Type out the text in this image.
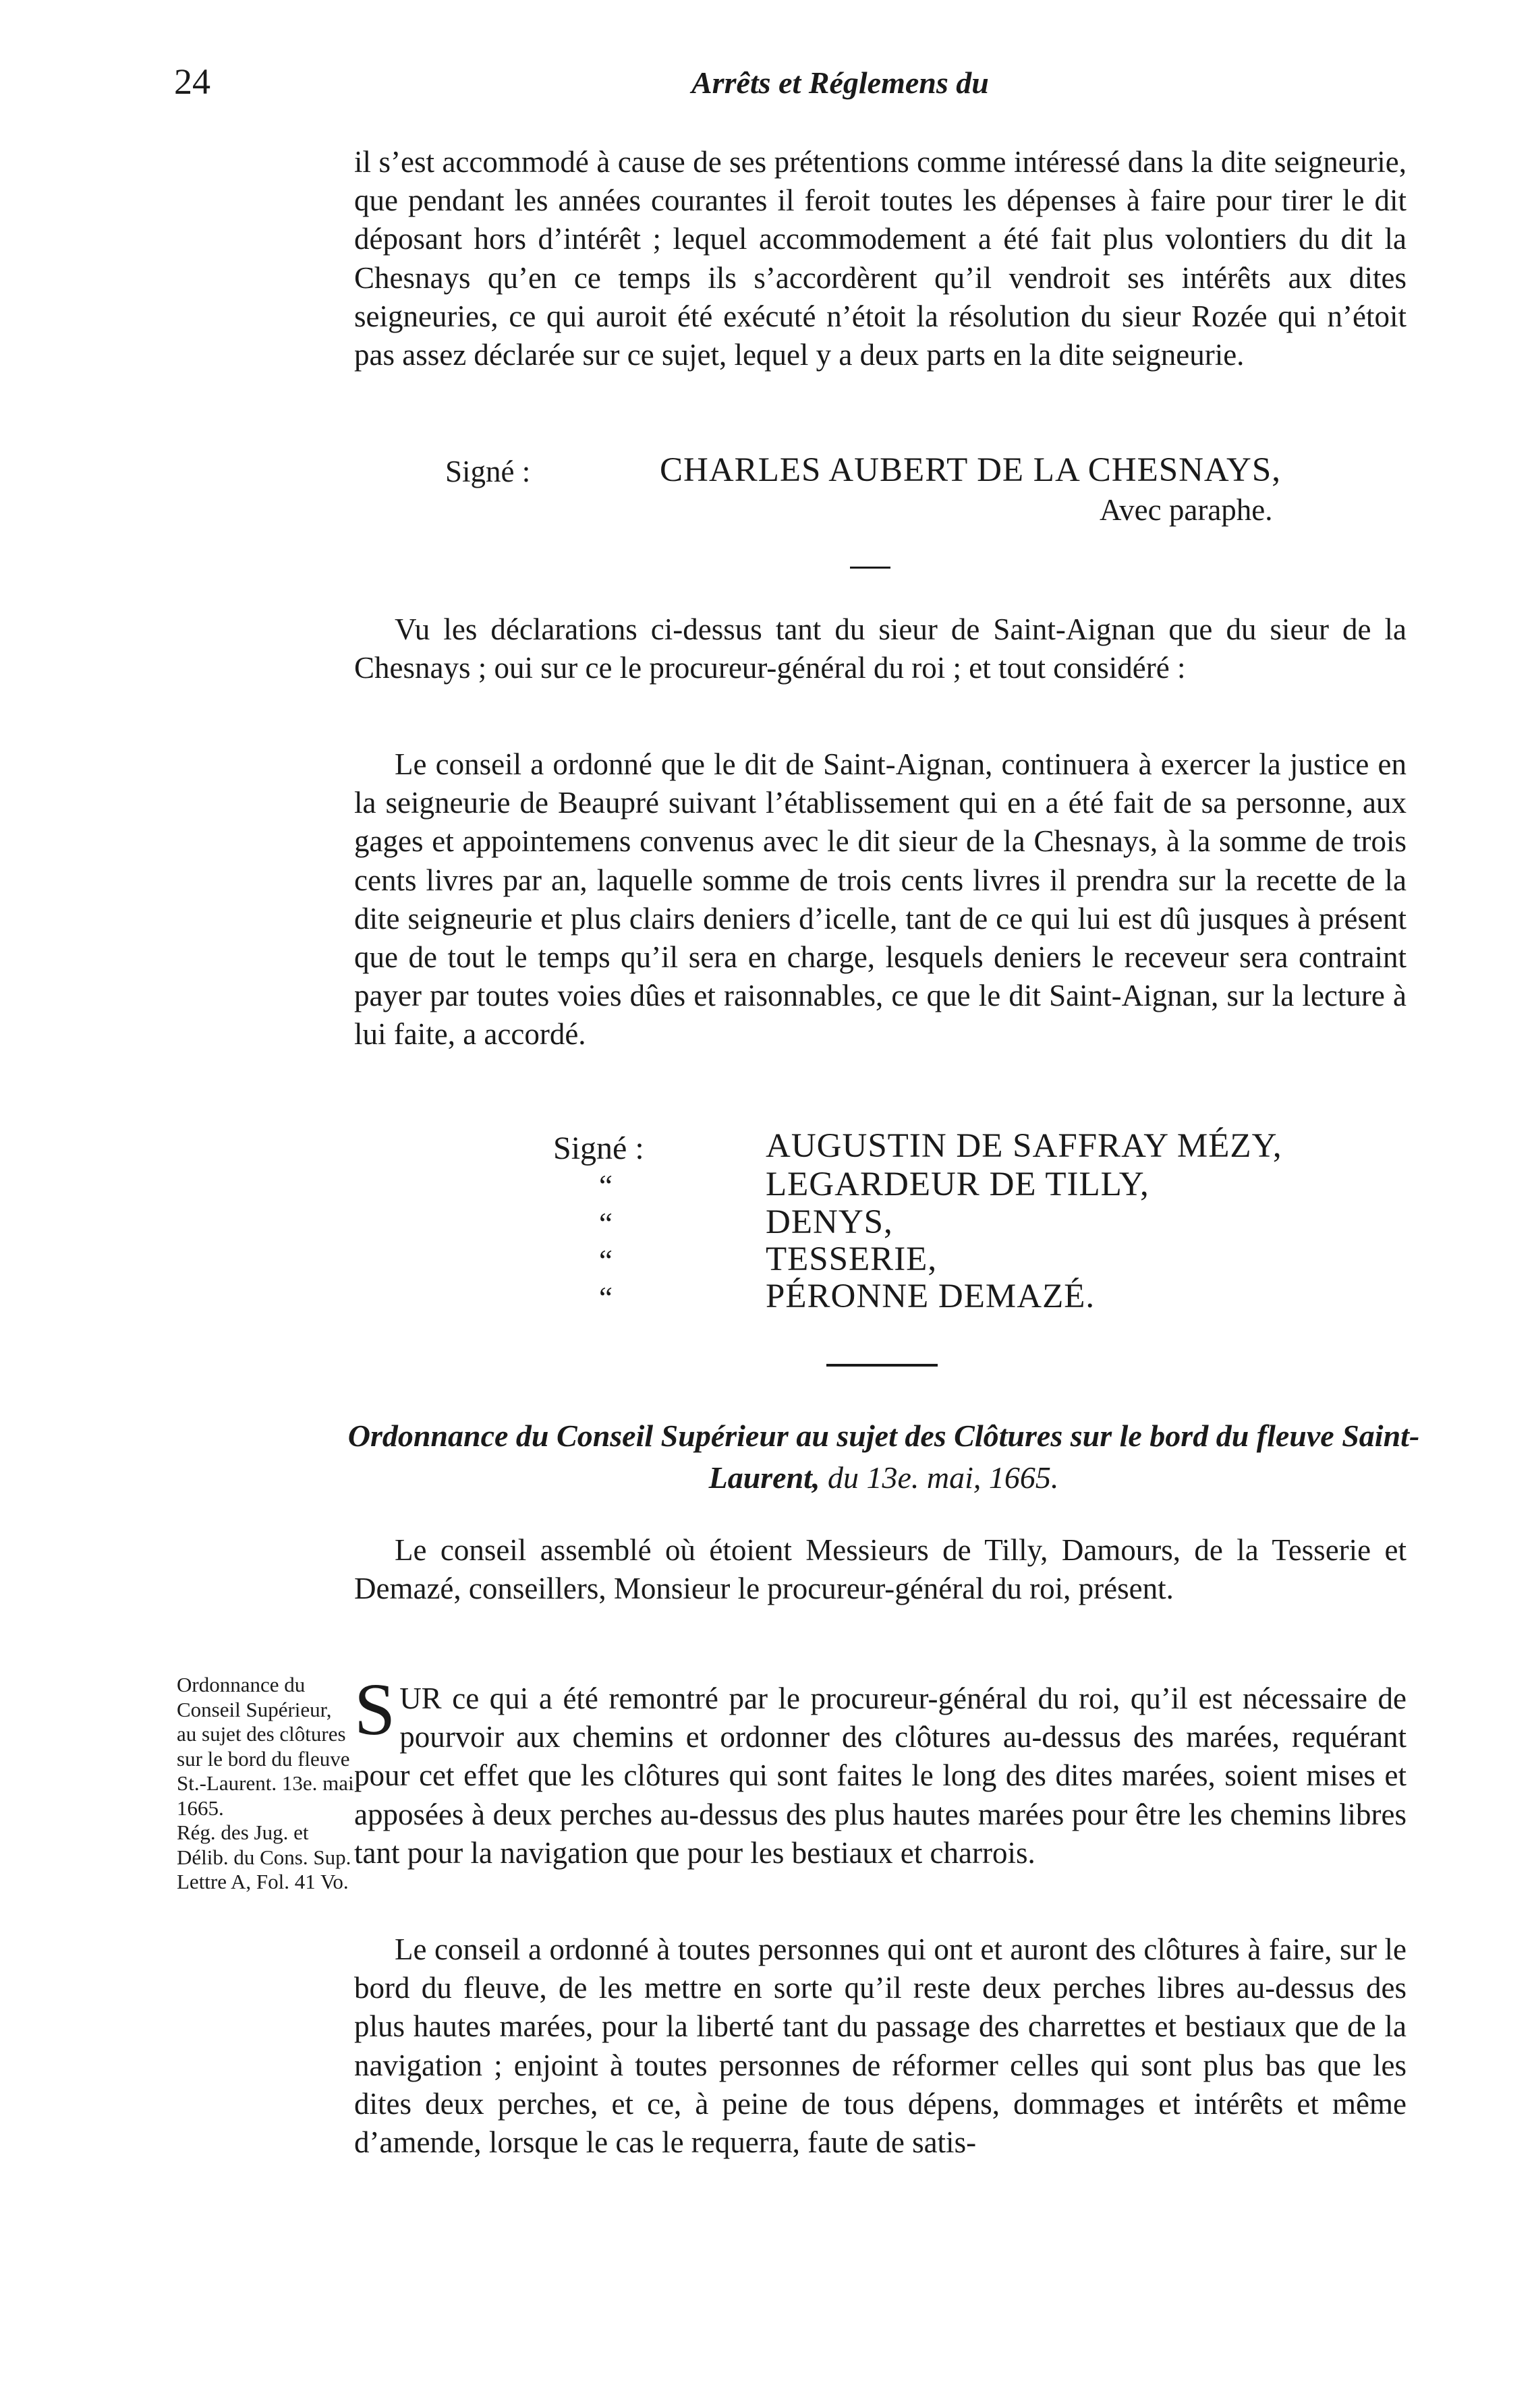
24	Arrêts et Réglemens du

il s’est accommodé à cause de ses prétentions comme intéressé dans la dite seigneurie, que pendant les années courantes il feroit toutes les dépenses à faire pour tirer le dit déposant hors d’intérêt ; lequel accommodement a été fait plus volontiers du dit la Chesnays qu’en ce temps ils s’accordèrent qu’il vendroit ses intérêts aux dites seigneuries, ce qui auroit été exécuté n’étoit la résolution du sieur Rozée qui n’étoit pas assez déclarée sur ce sujet, lequel y a deux parts en la dite seigneurie.

Signé :	CHARLES AUBERT DE LA CHESNAYS,
Avec paraphe.

Vu les déclarations ci-dessus tant du sieur de Saint-Aignan que du sieur de la Chesnays ; oui sur ce le procureur-général du roi ; et tout considéré :

Le conseil a ordonné que le dit de Saint-Aignan, continuera à exercer la justice en la seigneurie de Beaupré suivant l’établissement qui en a été fait de sa personne, aux gages et appointemens convenus avec le dit sieur de la Chesnays, à la somme de trois cents livres par an, laquelle somme de trois cents livres il prendra sur la recette de la dite seigneurie et plus clairs deniers d’icelle, tant de ce qui lui est dû jusques à présent que de tout le temps qu’il sera en charge, lesquels deniers le receveur sera contraint payer par toutes voies dûes et raisonnables, ce que le dit Saint-Aignan, sur la lecture à lui faite, a accordé.

Signé :
“
“
“
“
AUGUSTIN DE SAFFRAY MÉZY,
LEGARDEUR DE TILLY,
DENYS,
TESSERIE,
PÉRONNE DEMAZÉ.
Ordonnance du Conseil Supérieur au sujet des Clôtures sur le bord du fleuve Saint-Laurent, du 13e. mai, 1665.

Le conseil assemblé où étoient Messieurs de Tilly, Damours, de la Tesserie et Demazé, conseillers, Monsieur le procureur-général du roi, présent.

S UR ce qui a été remontré par le procureur-général du roi, qu’il est nécessaire de pourvoir aux chemins et ordonner des clôtures au-dessus des marées, requérant pour cet effet que les clôtures qui sont faites le long des dites marées, soient mises et apposées à deux perches au-dessus des plus hautes marées pour être les chemins libres tant pour la navigation que pour les bestiaux et charrois.

Le conseil a ordonné à toutes personnes qui ont et auront des clôtures à faire, sur le bord du fleuve, de les mettre en sorte qu’il reste deux perches libres au-dessus des plus hautes marées, pour la liberté tant du passage des charrettes et bestiaux que de la navigation ; enjoint à toutes personnes de réformer celles qui sont plus bas que les dites deux perches, et ce, à peine de tous dépens, dommages et intérêts et même d’amende, lorsque le cas le requerra, faute de satis-

Ordonnance du Conseil Supérieur, au sujet des clôtures sur le bord du fleuve St.-Laurent. 13e. mai 1665.

Rég. des Jug. et Délib. du Cons. Sup. Lettre A, Fol. 41 Vo.
